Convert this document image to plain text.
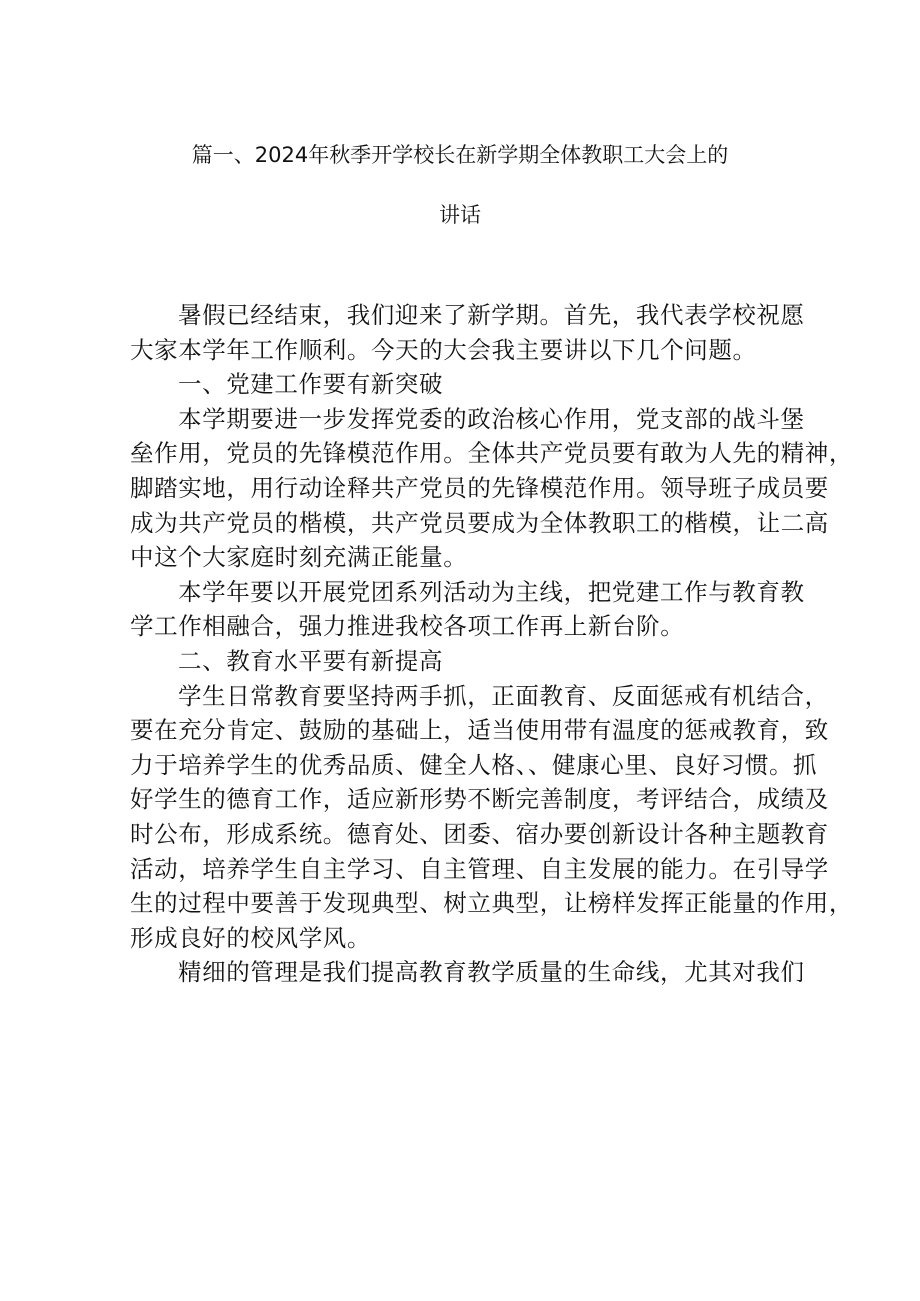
篇一、2024年秋季开学校长在新学期全体教职工大会上的
讲话
暑假已经结束，我们迎来了新学期。首先，我代表学校祝愿
大家本学年工作顺利。今天的大会我主要讲以下几个问题。
一、党建工作要有新突破
本学期要进一步发挥党委的政治核心作用，党支部的战斗堡
垒作用，党员的先锋模范作用。全体共产党员要有敢为人先的精神，
脚踏实地，用行动诠释共产党员的先锋模范作用。领导班子成员要
成为共产党员的楷模，共产党员要成为全体教职工的楷模，让二高
中这个大家庭时刻充满正能量。
本学年要以开展党团系列活动为主线，把党建工作与教育教
学工作相融合，强力推进我校各项工作再上新台阶。
二、教育水平要有新提高
学生日常教育要坚持两手抓，正面教育、反面惩戒有机结合，
要在充分肯定、鼓励的基础上，适当使用带有温度的惩戒教育，致
力于培养学生的优秀品质、健全人格、、健康心里、良好习惯。抓
好学生的德育工作，适应新形势不断完善制度，考评结合，成绩及
时公布，形成系统。德育处、团委、宿办要创新设计各种主题教育
活动，培养学生自主学习、自主管理、自主发展的能力。在引导学
生的过程中要善于发现典型、树立典型，让榜样发挥正能量的作用，
形成良好的校风学风。
精细的管理是我们提高教育教学质量的生命线，尤其对我们
